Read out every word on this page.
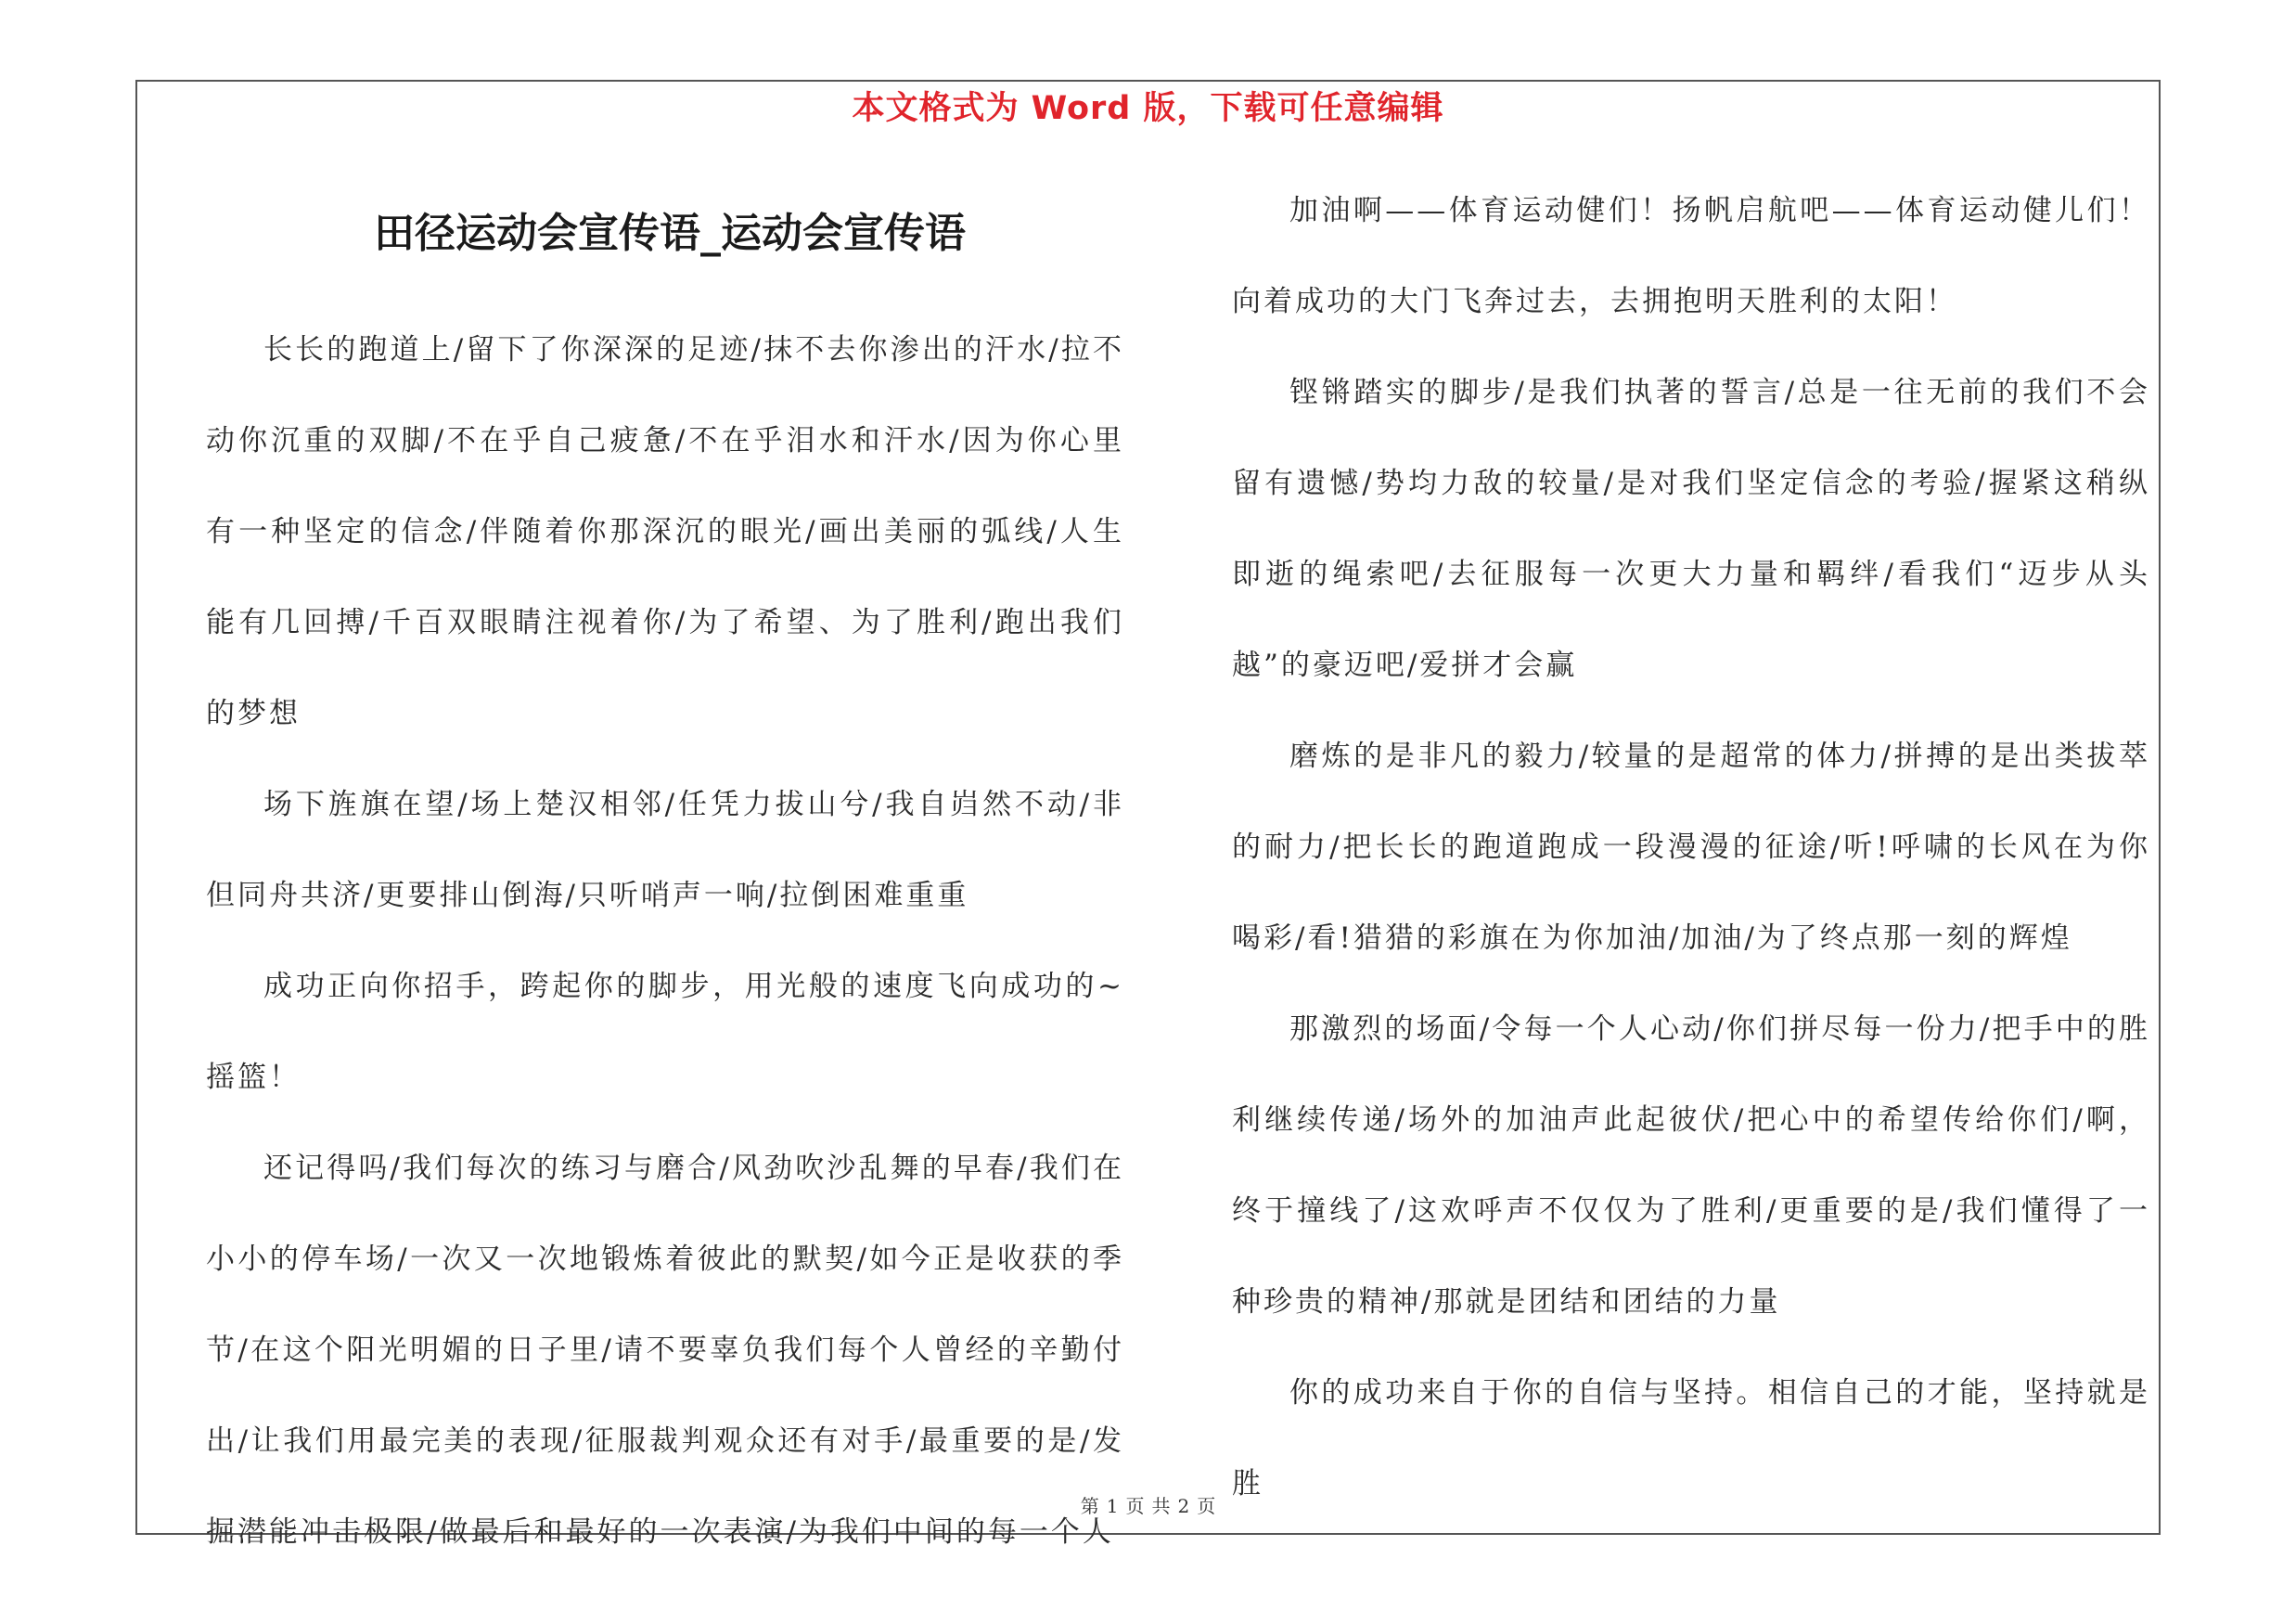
本文格式为 Word 版，下载可任意编辑
田径运动会宣传语_运动会宣传语

长长的跑道上/留下了你深深的足迹/抹不去你渗出的汗水/拉不动你沉重的双脚/不在乎自己疲惫/不在乎泪水和汗水/因为你心里有一种坚定的信念/伴随着你那深沉的眼光/画出美丽的弧线/人生能有几回搏/千百双眼睛注视着你/为了希望、为了胜利/跑出我们的梦想

场下旌旗在望/场上楚汉相邻/任凭力拔山兮/我自岿然不动/非但同舟共济/更要排山倒海/只听哨声一响/拉倒困难重重

成功正向你招手，跨起你的脚步，用光般的速度飞向成功的~摇篮！

还记得吗/我们每次的练习与磨合/风劲吹沙乱舞的早春/我们在小小的停车场/一次又一次地锻炼着彼此的默契/如今正是收获的季节/在这个阳光明媚的日子里/请不要辜负我们每个人曾经的辛勤付出/让我们用最完美的表现/征服裁判观众还有对手/最重要的是/发掘潜能冲击极限/做最后和最好的一次表演/为我们中间的每一个人

加油啊——体育运动健们！扬帆启航吧——体育运动健儿们！向着成功的大门飞奔过去，去拥抱明天胜利的太阳！

铿锵踏实的脚步/是我们执著的誓言/总是一往无前的我们不会留有遗憾/势均力敌的较量/是对我们坚定信念的考验/握紧这稍纵即逝的绳索吧/去征服每一次更大力量和羁绊/看我们“迈步从头越”的豪迈吧/爱拼才会赢

磨炼的是非凡的毅力/较量的是超常的体力/拼搏的是出类拔萃的耐力/把长长的跑道跑成一段漫漫的征途/听!呼啸的长风在为你喝彩/看!猎猎的彩旗在为你加油/加油/为了终点那一刻的辉煌

那激烈的场面/令每一个人心动/你们拼尽每一份力/把手中的胜利继续传递/场外的加油声此起彼伏/把心中的希望传给你们/啊，终于撞线了/这欢呼声不仅仅为了胜利/更重要的是/我们懂得了一种珍贵的精神/那就是团结和团结的力量

你的成功来自于你的自信与坚持。相信自己的才能，坚持就是胜

第 1 页 共 2 页
